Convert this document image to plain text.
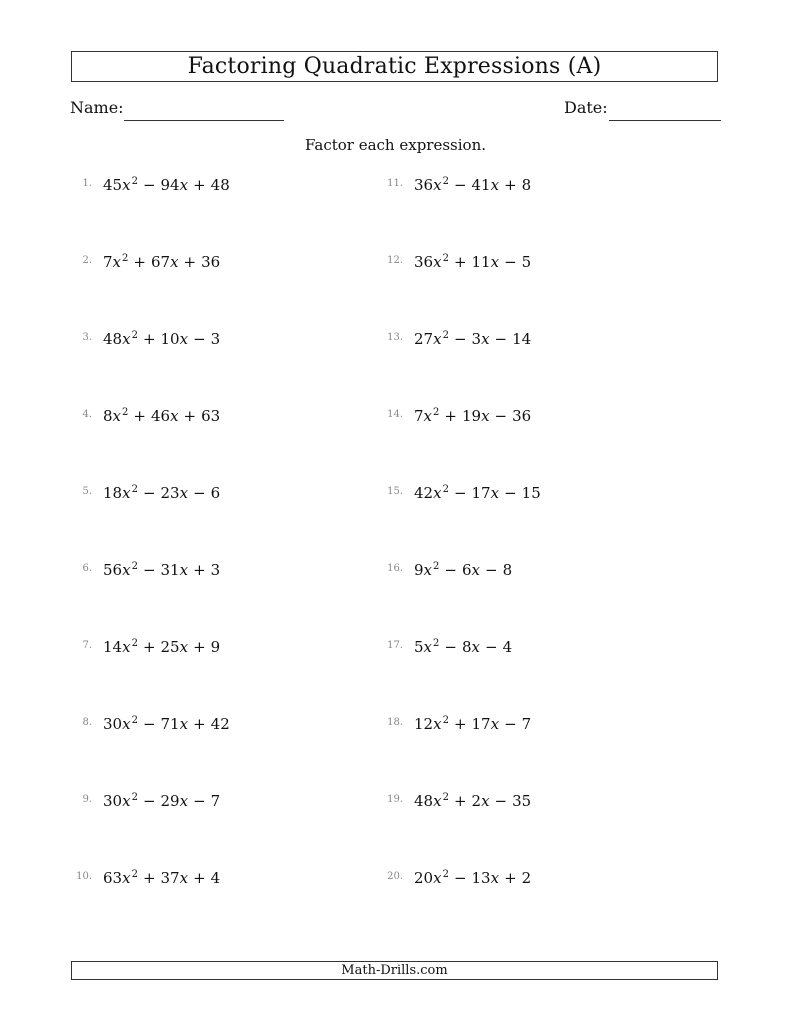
Factoring Quadratic Expressions (A)
Name:	Date:
Factor each expression.
1. $45x^2 - 94x + 48$
2. $7x^2 + 67x + 36$
3. $48x^2 + 10x - 3$
4. $8x^2 + 46x + 63$
5. $18x^2 - 23x - 6$
6. $56x^2 - 31x + 3$
7. $14x^2 + 25x + 9$
8. $30x^2 - 71x + 42$
9. $30x^2 - 29x - 7$
10. $63x^2 + 37x + 4$
11. $36x^2 - 41x + 8$
12. $36x^2 + 11x - 5$
13. $27x^2 - 3x - 14$
14. $7x^2 + 19x - 36$
15. $42x^2 - 17x - 15$
16. $9x^2 - 6x - 8$
17. $5x^2 - 8x - 4$
18. $12x^2 + 17x - 7$
19. $48x^2 + 2x - 35$
20. $20x^2 - 13x + 2$
Math-Drills.com
